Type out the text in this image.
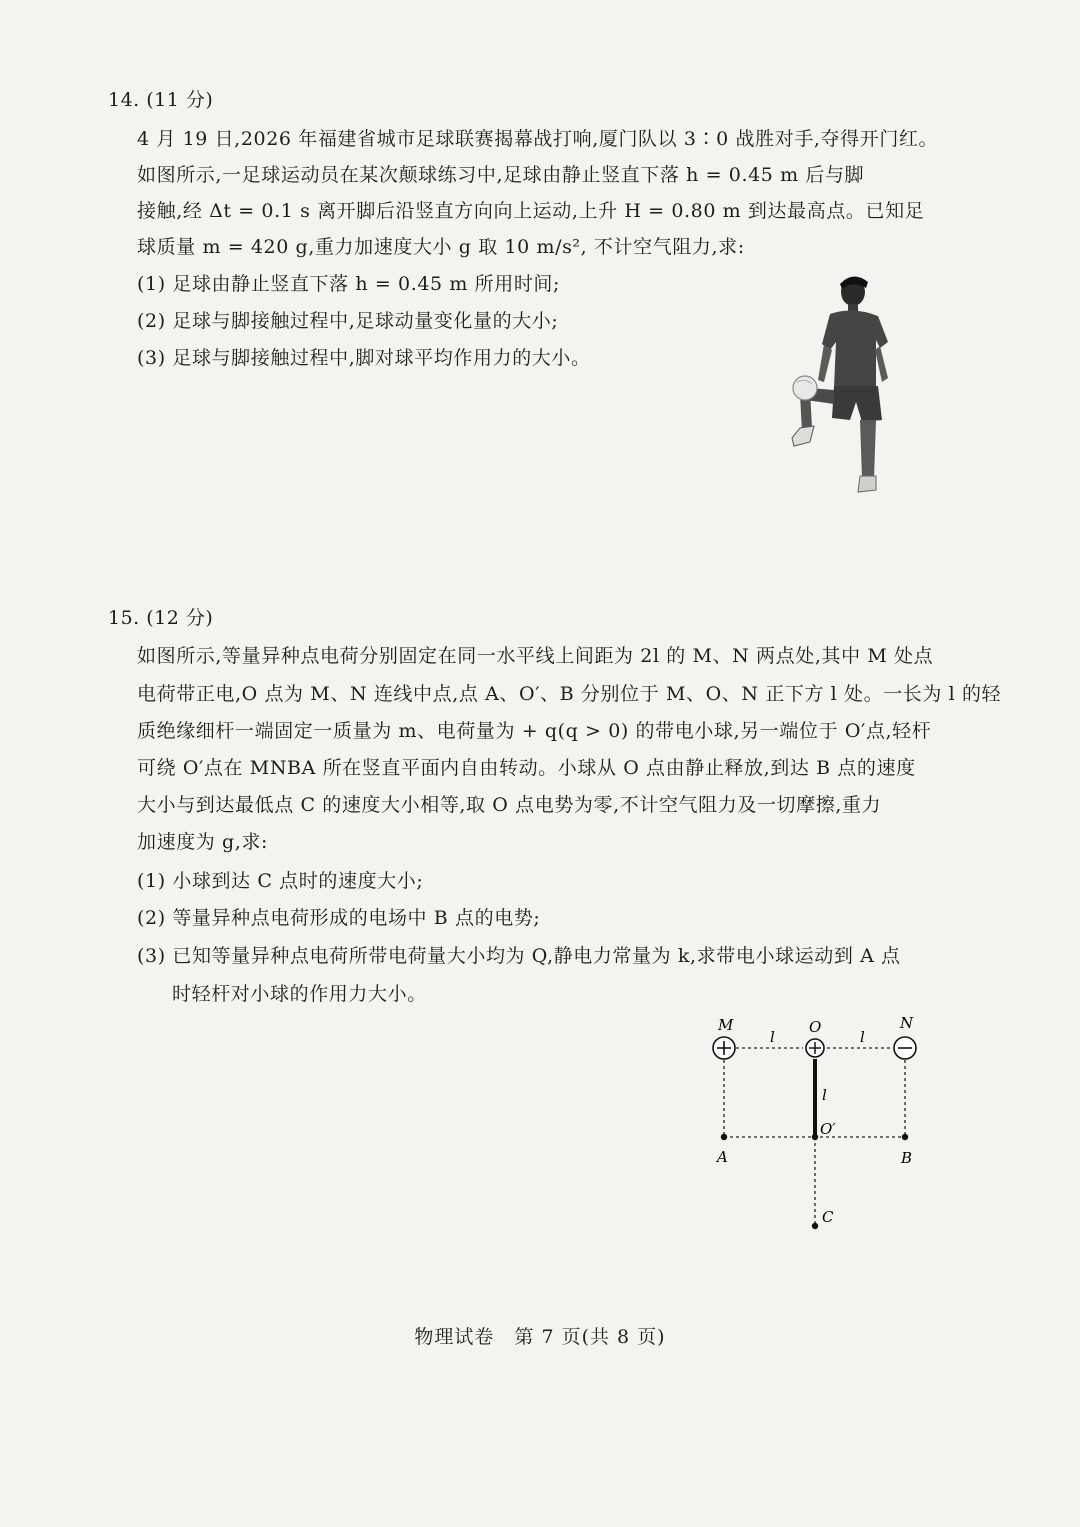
14. (11 分)
4 月 19 日,2026 年福建省城市足球联赛揭幕战打响,厦门队以 3∶0 战胜对手,夺得开门红。
如图所示,一足球运动员在某次颠球练习中,足球由静止竖直下落 h = 0.45 m 后与脚
接触,经 Δt = 0.1 s 离开脚后沿竖直方向向上运动,上升 H = 0.80 m 到达最高点。已知足
球质量 m = 420 g,重力加速度大小 g 取 10 m/s², 不计空气阻力,求:
(1) 足球由静止竖直下落 h = 0.45 m 所用时间;
(2) 足球与脚接触过程中,足球动量变化量的大小;
(3) 足球与脚接触过程中,脚对球平均作用力的大小。
15. (12 分)
如图所示,等量异种点电荷分别固定在同一水平线上间距为 2l 的 M、N 两点处,其中 M 处点
电荷带正电,O 点为 M、N 连线中点,点 A、O′、B 分别位于 M、O、N 正下方 l 处。一长为 l 的轻
质绝缘细杆一端固定一质量为 m、电荷量为 + q(q > 0) 的带电小球,另一端位于 O′点,轻杆
可绕 O′点在 MNBA 所在竖直平面内自由转动。小球从 O 点由静止释放,到达 B 点的速度
大小与到达最低点 C 的速度大小相等,取 O 点电势为零,不计空气阻力及一切摩擦,重力
加速度为 g,求:
(1) 小球到达 C 点时的速度大小;
(2) 等量异种点电荷形成的电场中 B 点的电势;
(3) 已知等量异种点电荷所带电荷量大小均为 Q,静电力常量为 k,求带电小球运动到 A 点
时轻杆对小球的作用力大小。
M	O	N
l	l
l
O′
A	B
C
物理试卷　第 7 页(共 8 页)
